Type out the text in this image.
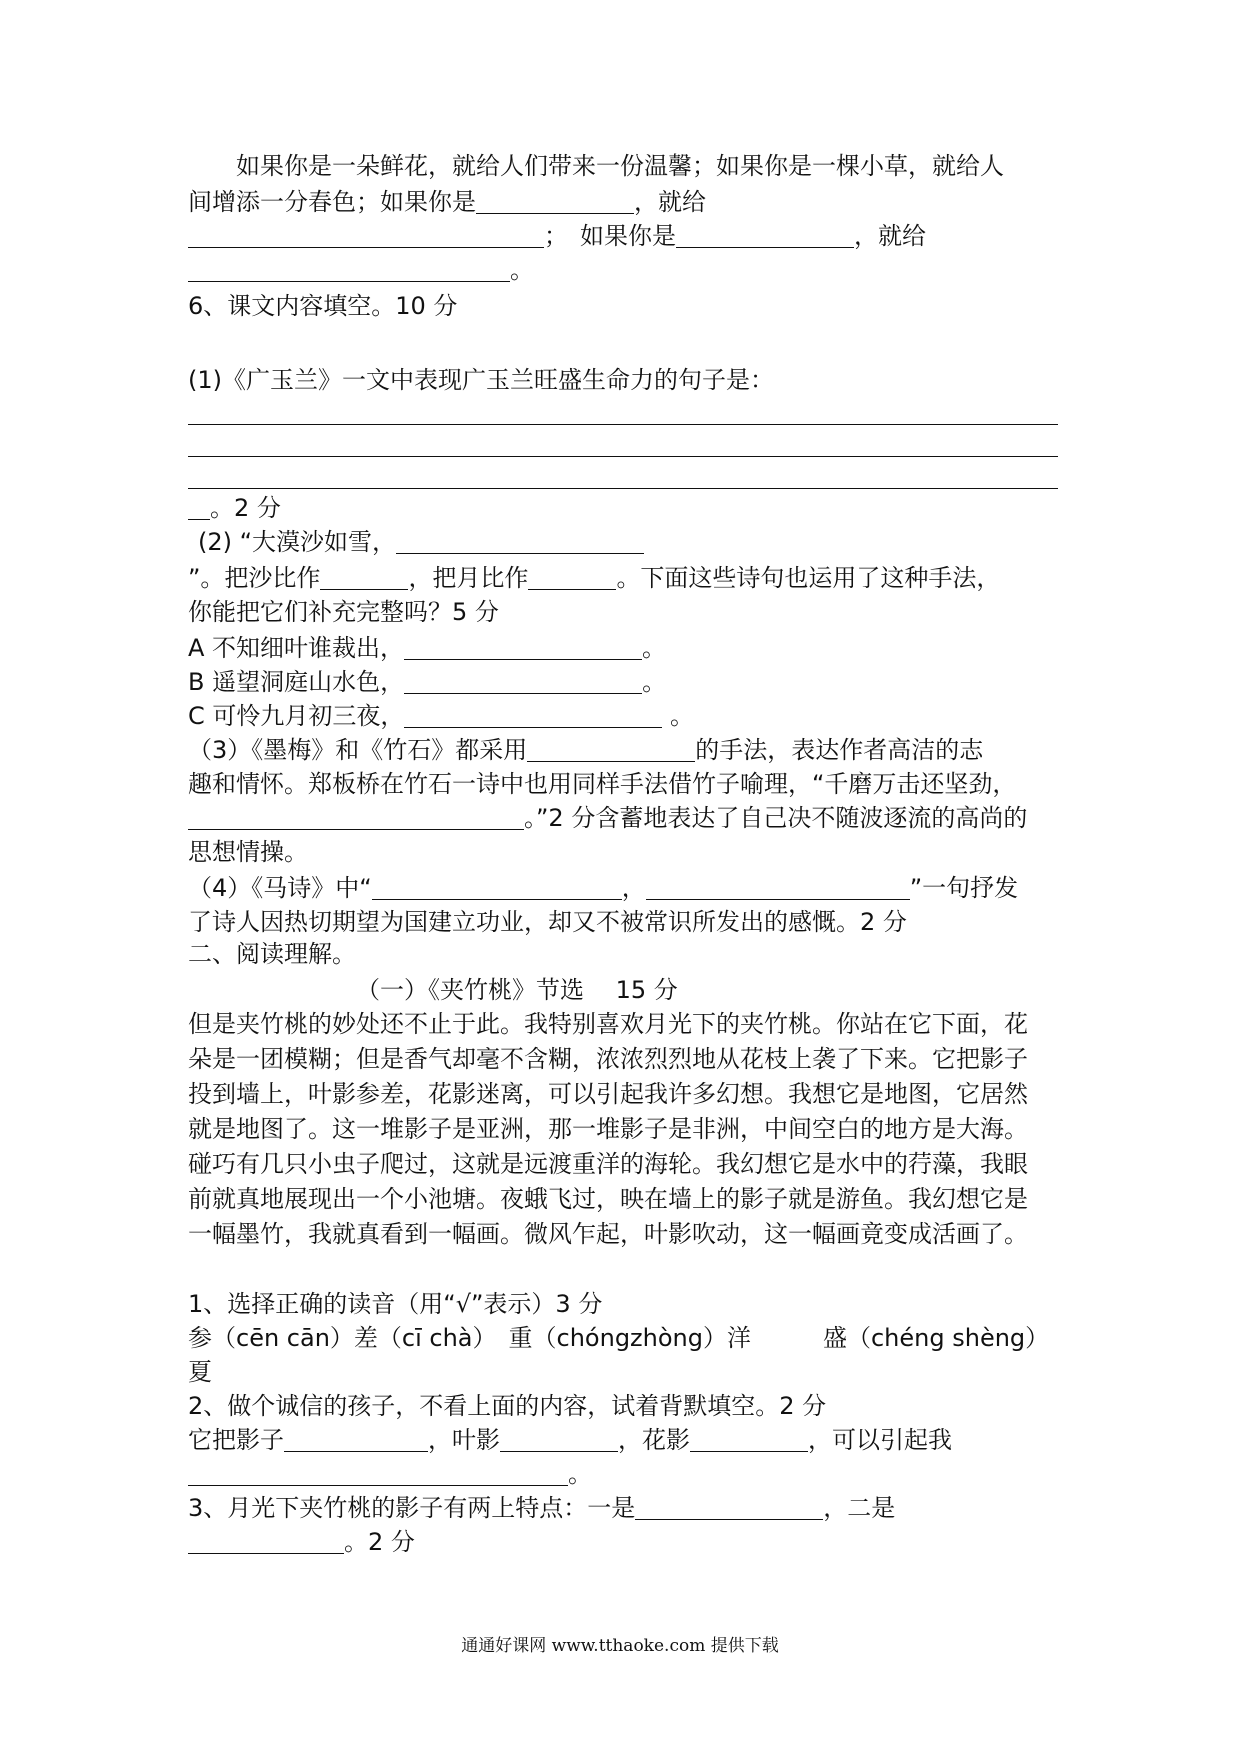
如果你是一朵鲜花，就给人们带来一份温馨；如果你是一棵小草，就给人
间增添一分春色；如果你是	，就给
；　如果你是	，就给
。
6、课文内容填空。10 分
(1)《广玉兰》一文中表现广玉兰旺盛生命力的句子是：
。2 分
(2) “大漠沙如雪，
”。把沙比作	，把月比作	。下面这些诗句也运用了这种手法，
你能把它们补充完整吗？5 分
A 不知细叶谁裁出，	。
B 遥望洞庭山水色，	。
C 可怜九月初三夜，	。
（3）《墨梅》和《竹石》都采用	的手法，表达作者高洁的志
趣和情怀。郑板桥在竹石一诗中也用同样手法借竹子喻理，“千磨万击还坚劲，
。”2 分含蓄地表达了自己决不随波逐流的高尚的
思想情操。
（4）《马诗》中“	，	”一句抒发
了诗人因热切期望为国建立功业，却又不被常识所发出的感慨。2 分
二、阅读理解。
（一）《夹竹桃》节选　 15 分
但是夹竹桃的妙处还不止于此。我特别喜欢月光下的夹竹桃。你站在它下面，花
朵是一团模糊；但是香气却毫不含糊，浓浓烈烈地从花枝上袭了下来。它把影子
投到墙上，叶影参差，花影迷离，可以引起我许多幻想。我想它是地图，它居然
就是地图了。这一堆影子是亚洲，那一堆影子是非洲，中间空白的地方是大海。
碰巧有几只小虫子爬过，这就是远渡重洋的海轮。我幻想它是水中的荇藻，我眼
前就真地展现出一个小池塘。夜蛾飞过，映在墙上的影子就是游鱼。我幻想它是
一幅墨竹，我就真看到一幅画。微风乍起，叶影吹动，这一幅画竟变成活画了。
1、选择正确的读音（用“√”表示）3 分
参（cēn cān）差（cī chà）　重（chóngzhòng）洋　　　盛（chéng shèng）
夏
2、做个诚信的孩子，不看上面的内容，试着背默填空。2 分
它把影子	，叶影	，花影	，可以引起我
。
3、月光下夹竹桃的影子有两上特点：一是	，二是
。2 分
通通好课网 www.tthaoke.com 提供下载
